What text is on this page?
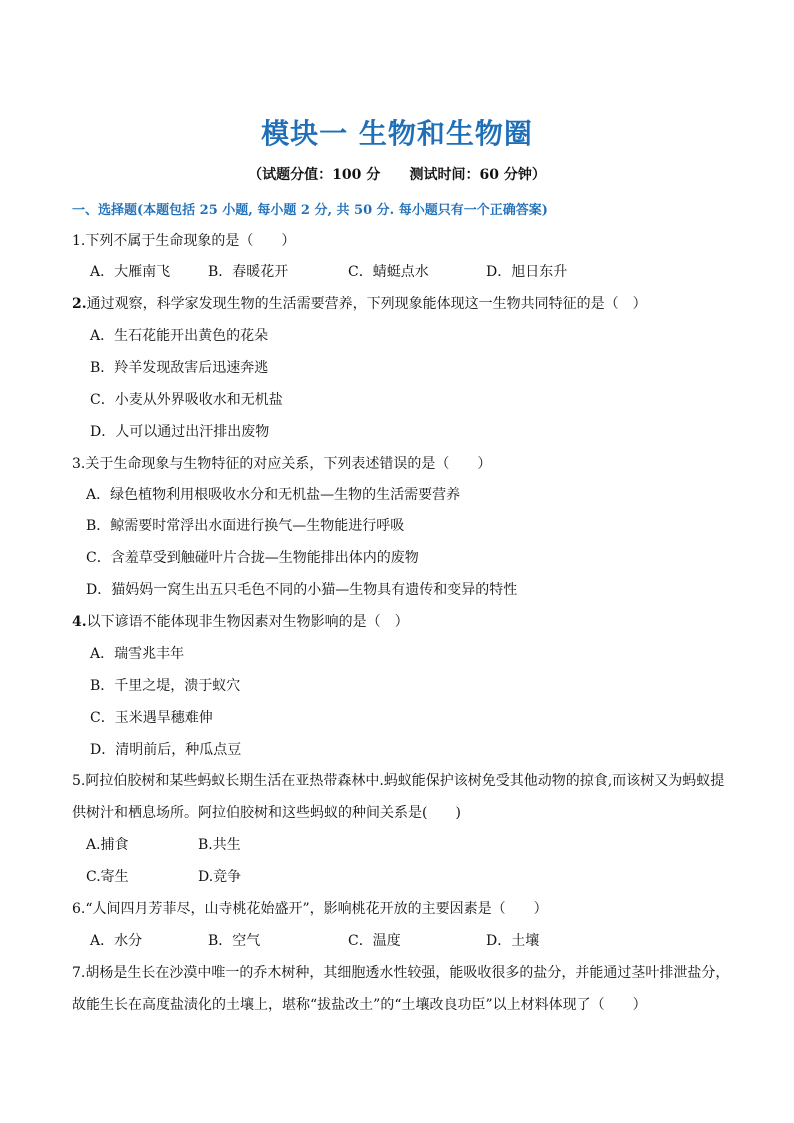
模块一 生物和生物圈
（试题分值：100 分      测试时间：60 分钟）
一、选择题(本题包括 25 小题, 每小题 2 分, 共 50 分. 每小题只有一个正确答案)
1.下列不属于生命现象的是（　　）
A．大雁南飞	B．春暖花开	C．蜻蜓点水	D．旭日东升
2.通过观察，科学家发现生物的生活需要营养，下列现象能体现这一生物共同特征的是（　）
A．生石花能开出黄色的花朵
B．羚羊发现敌害后迅速奔逃
C．小麦从外界吸收水和无机盐
D．人可以通过出汗排出废物
3.关于生命现象与生物特征的对应关系，下列表述错误的是（　　）
A．绿色植物利用根吸收水分和无机盐—生物的生活需要营养
B．鲸需要时常浮出水面进行换气—生物能进行呼吸
C．含羞草受到触碰叶片合拢—生物能排出体内的废物
D．猫妈妈一窝生出五只毛色不同的小猫—生物具有遗传和变异的特性
4.以下谚语不能体现非生物因素对生物影响的是（　）
A．瑞雪兆丰年
B．千里之堤，溃于蚁穴
C．玉米遇旱穗难伸
D．清明前后，种瓜点豆
5.阿拉伯胶树和某些蚂蚁长期生活在亚热带森林中.蚂蚁能保护该树免受其他动物的掠食,而该树又为蚂蚁提
供树汁和栖息场所。阿拉伯胶树和这些蚂蚁的种间关系是(　　)
A.捕食	B.共生
C.寄生	D.竞争
6.“人间四月芳菲尽，山寺桃花始盛开”，影响桃花开放的主要因素是（　　）
A．水分	B．空气	C．温度	D．土壤
7.胡杨是生长在沙漠中唯一的乔木树种，其细胞透水性较强，能吸收很多的盐分，并能通过茎叶排泄盐分，
故能生长在高度盐渍化的土壤上，堪称“拔盐改土”的“土壤改良功臣”以上材料体现了（　　）
